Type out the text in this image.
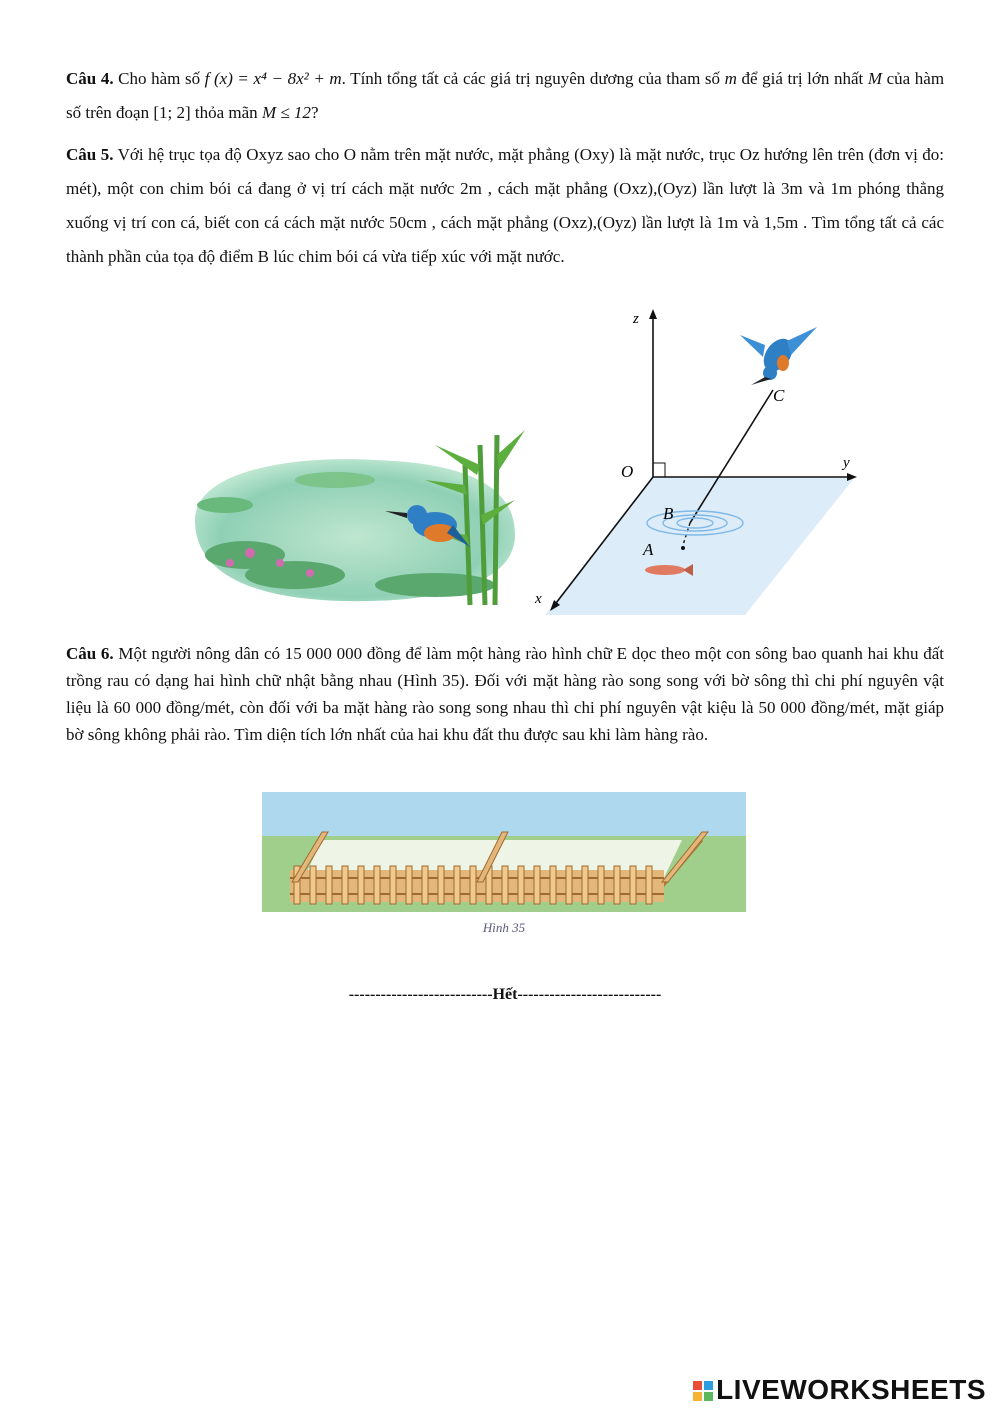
Câu 4. Cho hàm số f (x) = x⁴ − 8x² + m. Tính tổng tất cả các giá trị nguyên dương của tham số m để giá trị lớn nhất M của hàm số trên đoạn [1; 2] thỏa mãn M ≤ 12?
Câu 5. Với hệ trục tọa độ Oxyz sao cho O nằm trên mặt nước, mặt phẳng (Oxy) là mặt nước, trục Oz hướng lên trên (đơn vị đo: mét), một con chim bói cá đang ở vị trí cách mặt nước 2m , cách mặt phẳng (Oxz),(Oyz) lần lượt là 3m và 1m phóng thẳng xuống vị trí con cá, biết con cá cách mặt nước 50cm , cách mặt phẳng (Oxz),(Oyz) lần lượt là 1m và 1,5m . Tìm tổng tất cả các thành phần của tọa độ điểm B lúc chim bói cá vừa tiếp xúc với mặt nước.
z
y
x
O
C
B
A
Câu 6. Một người nông dân có 15 000 000 đồng để làm một hàng rào hình chữ E dọc theo một con sông bao quanh hai khu đất trồng rau có dạng hai hình chữ nhật bằng nhau (Hình 35). Đối với mặt hàng rào song song với bờ sông thì chi phí nguyên vật liệu là 60 000 đồng/mét, còn đối với ba mặt hàng rào song song nhau thì chi phí nguyên vật kiệu là 50 000 đồng/mét, mặt giáp bờ sông không phải rào. Tìm diện tích lớn nhất của hai khu đất thu được sau khi làm hàng rào.
Hình 35
---------------------------Hết---------------------------
LIVEWORKSHEETS
